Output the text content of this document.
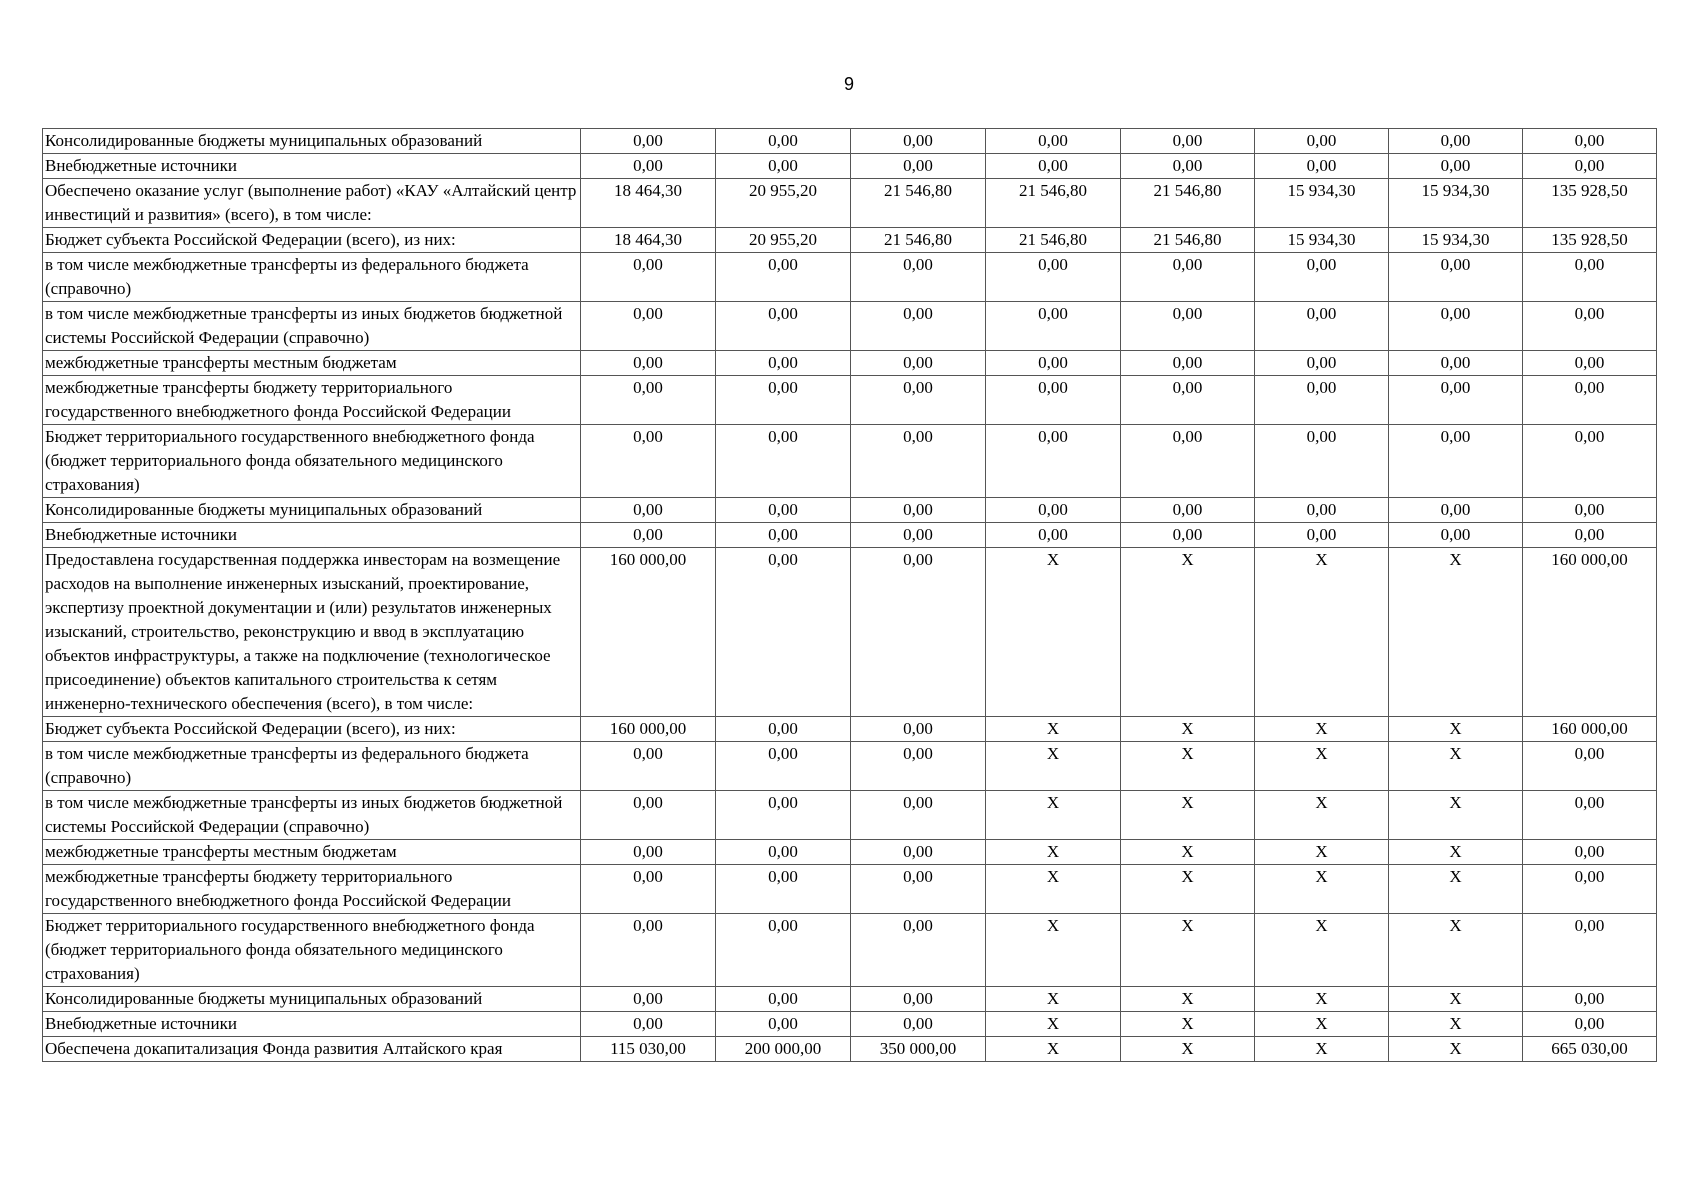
9
Консолидированные бюджеты муниципальных образований	0,00	0,00	0,00	0,00	0,00	0,00	0,00	0,00
Внебюджетные источники	0,00	0,00	0,00	0,00	0,00	0,00	0,00	0,00
Обеспечено оказание услуг (выполнение работ) «КАУ «Алтайский центр инвестиций и развития» (всего), в том числе:	18 464,30	20 955,20	21 546,80	21 546,80	21 546,80	15 934,30	15 934,30	135 928,50
Бюджет субъекта Российской Федерации (всего), из них:	18 464,30	20 955,20	21 546,80	21 546,80	21 546,80	15 934,30	15 934,30	135 928,50
в том числе межбюджетные трансферты из федерального бюджета (справочно)	0,00	0,00	0,00	0,00	0,00	0,00	0,00	0,00
в том числе межбюджетные трансферты из иных бюджетов бюджетной системы Российской Федерации (справочно)	0,00	0,00	0,00	0,00	0,00	0,00	0,00	0,00
межбюджетные трансферты местным бюджетам	0,00	0,00	0,00	0,00	0,00	0,00	0,00	0,00
межбюджетные трансферты бюджету территориального государственного внебюджетного фонда Российской Федерации	0,00	0,00	0,00	0,00	0,00	0,00	0,00	0,00
Бюджет территориального государственного внебюджетного фонда (бюджет территориального фонда обязательного медицинского страхования)	0,00	0,00	0,00	0,00	0,00	0,00	0,00	0,00
Консолидированные бюджеты муниципальных образований	0,00	0,00	0,00	0,00	0,00	0,00	0,00	0,00
Внебюджетные источники	0,00	0,00	0,00	0,00	0,00	0,00	0,00	0,00
Предоставлена государственная поддержка инвесторам на возмещение расходов на выполнение инженерных изысканий, проектирование, экспертизу проектной документации и (или) результатов инженерных изысканий, строительство, реконструкцию и ввод в эксплуатацию объектов инфраструктуры, а также на подключение (технологическое присоединение) объектов капитального строительства к сетям инженерно-технического обеспечения (всего), в том числе:	160 000,00	0,00	0,00	X	X	X	X	160 000,00
Бюджет субъекта Российской Федерации (всего), из них:	160 000,00	0,00	0,00	X	X	X	X	160 000,00
в том числе межбюджетные трансферты из федерального бюджета (справочно)	0,00	0,00	0,00	X	X	X	X	0,00
в том числе межбюджетные трансферты из иных бюджетов бюджетной системы Российской Федерации (справочно)	0,00	0,00	0,00	X	X	X	X	0,00
межбюджетные трансферты местным бюджетам	0,00	0,00	0,00	X	X	X	X	0,00
межбюджетные трансферты бюджету территориального государственного внебюджетного фонда Российской Федерации	0,00	0,00	0,00	X	X	X	X	0,00
Бюджет территориального государственного внебюджетного фонда (бюджет территориального фонда обязательного медицинского страхования)	0,00	0,00	0,00	X	X	X	X	0,00
Консолидированные бюджеты муниципальных образований	0,00	0,00	0,00	X	X	X	X	0,00
Внебюджетные источники	0,00	0,00	0,00	X	X	X	X	0,00
Обеспечена докапитализация Фонда развития Алтайского края	115 030,00	200 000,00	350 000,00	X	X	X	X	665 030,00
